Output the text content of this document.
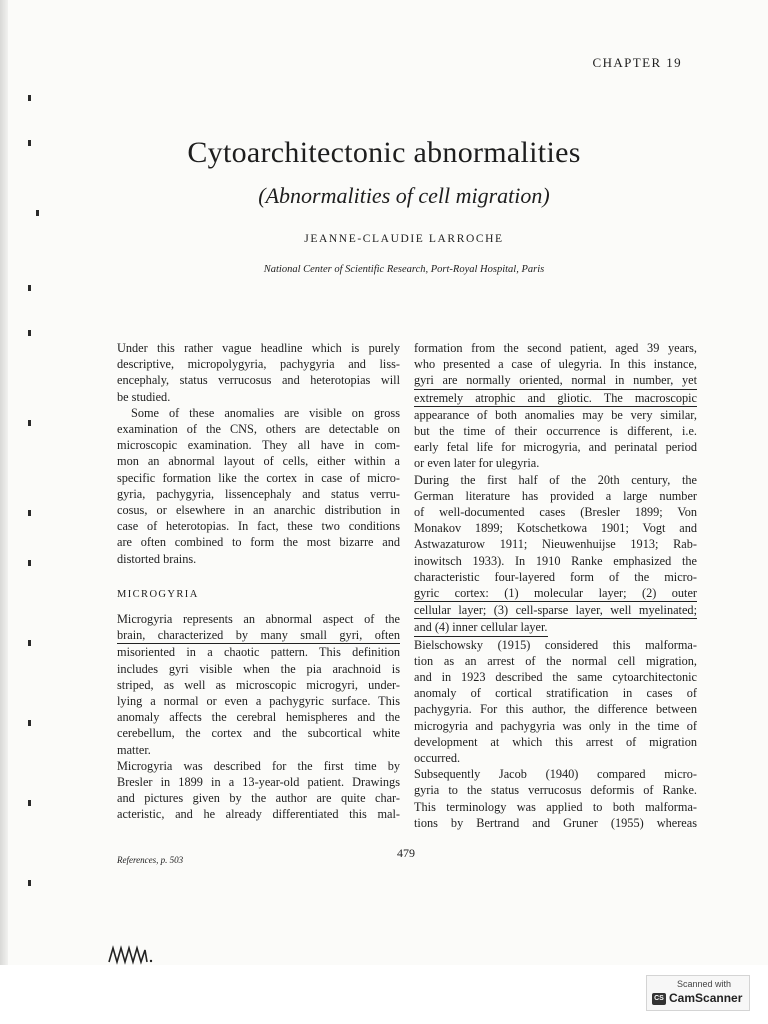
CHAPTER 19
Cytoarchitectonic abnormalities
(Abnormalities of cell migration)
JEANNE-CLAUDIE LARROCHE
National Center of Scientific Research, Port-Royal Hospital, Paris

Under this rather vague headline which is purely
descriptive, micropolygyria, pachygyria and liss-
encephaly, status verrucosus and heterotopias will
be studied.

Some of these anomalies are visible on gross

examination of the CNS, others are detectable on
microscopic examination. They all have in com-
mon an abnormal layout of cells, either within a
specific formation like the cortex in case of micro-
gyria, pachygyria, lissencephaly and status verru-
cosus, or elsewhere in an anarchic distribution in
case of heterotopias. In fact, these two conditions
are often combined to form the most bizarre and
distorted brains.

MICROGYRIA

Microgyria represents an abnormal aspect of the
brain, characterized by many small gyri, often
misoriented in a chaotic pattern. This definition
includes gyri visible when the pia arachnoid is
striped, as well as microscopic microgyri, under-
lying a normal or even a pachygyric surface. This
anomaly affects the cerebral hemispheres and the
cerebellum, the cortex and the subcortical white
matter.

Microgyria was described for the first time by
Bresler in 1899 in a 13-year-old patient. Drawings
and pictures given by the author are quite char-
acteristic, and he already differentiated this mal-

formation from the second patient, aged 39 years,
who presented a case of ulegyria. In this instance,
gyri are normally oriented, normal in number, yet
extremely atrophic and gliotic. The macroscopic
appearance of both anomalies may be very similar,
but the time of their occurrence is different, i.e.
early fetal life for microgyria, and perinatal period
or even later for ulegyria.

During the first half of the 20th century, the
German literature has provided a large number
of well-documented cases (Bresler 1899; Von
Monakov 1899; Kotschetkowa 1901; Vogt and
Astwazaturow 1911; Nieuwenhuijse 1913; Rab-
inowitsch 1933). In 1910 Ranke emphasized the
characteristic four-layered form of the micro-
gyric cortex: (1) molecular layer; (2) outer
cellular layer; (3) cell-sparse layer, well myelinated;
and (4) inner cellular layer.

Bielschowsky (1915) considered this malforma-
tion as an arrest of the normal cell migration,
and in 1923 described the same cytoarchitectonic
anomaly of cortical stratification in cases of
pachygyria. For this author, the difference between
microgyria and pachygyria was only in the time of
development at which this arrest of migration
occurred.

Subsequently Jacob (1940) compared micro-
gyria to the status verrucosus deformis of Ranke.
This terminology was applied to both malforma-
tions by Bertrand and Gruner (1955) whereas

References, p. 503	479
Scanned with
CS CamScanner
